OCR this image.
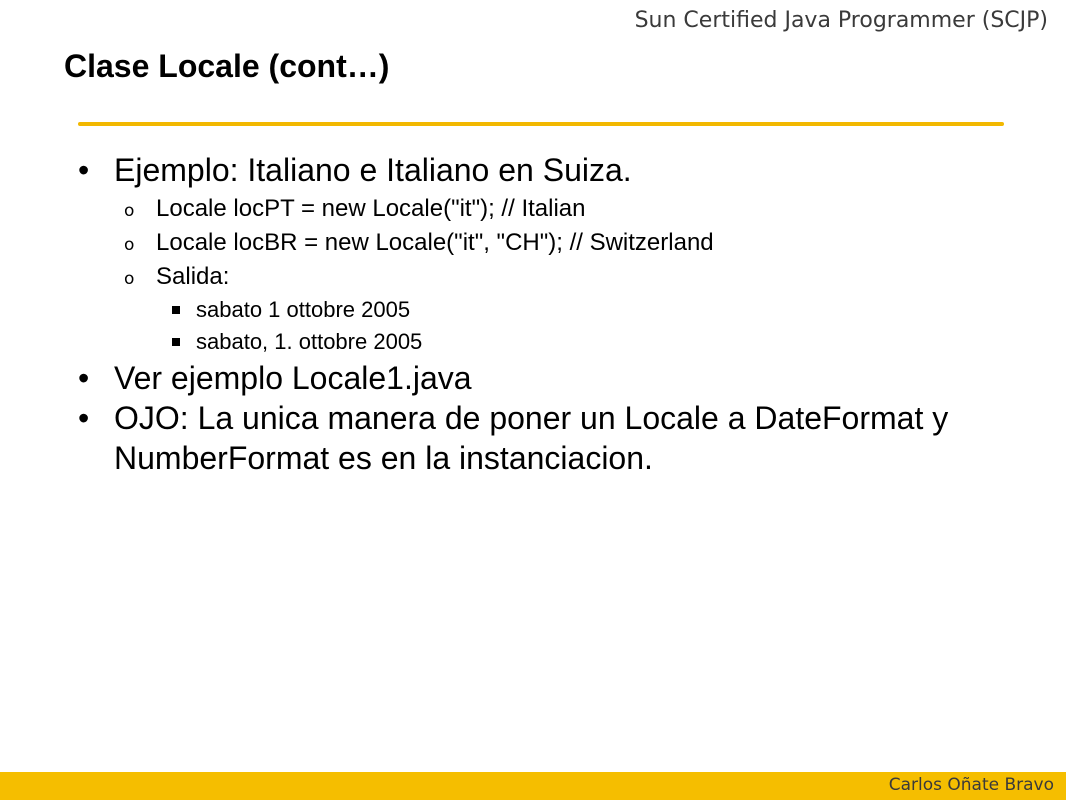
Sun Certified Java Programmer (SCJP)
Clase Locale (cont…)

• Ejemplo: Italiano e Italiano en Suiza.

o Locale locPT = new Locale("it"); // Italian

o Locale locBR = new Locale("it", "CH"); // Switzerland

o Salida:

sabato 1 ottobre 2005

sabato, 1. ottobre 2005

• Ver ejemplo Locale1.java

• OJO: La unica manera de poner un Locale a DateFormat y NumberFormat es en la instanciacion.

Carlos Oñate Bravo
